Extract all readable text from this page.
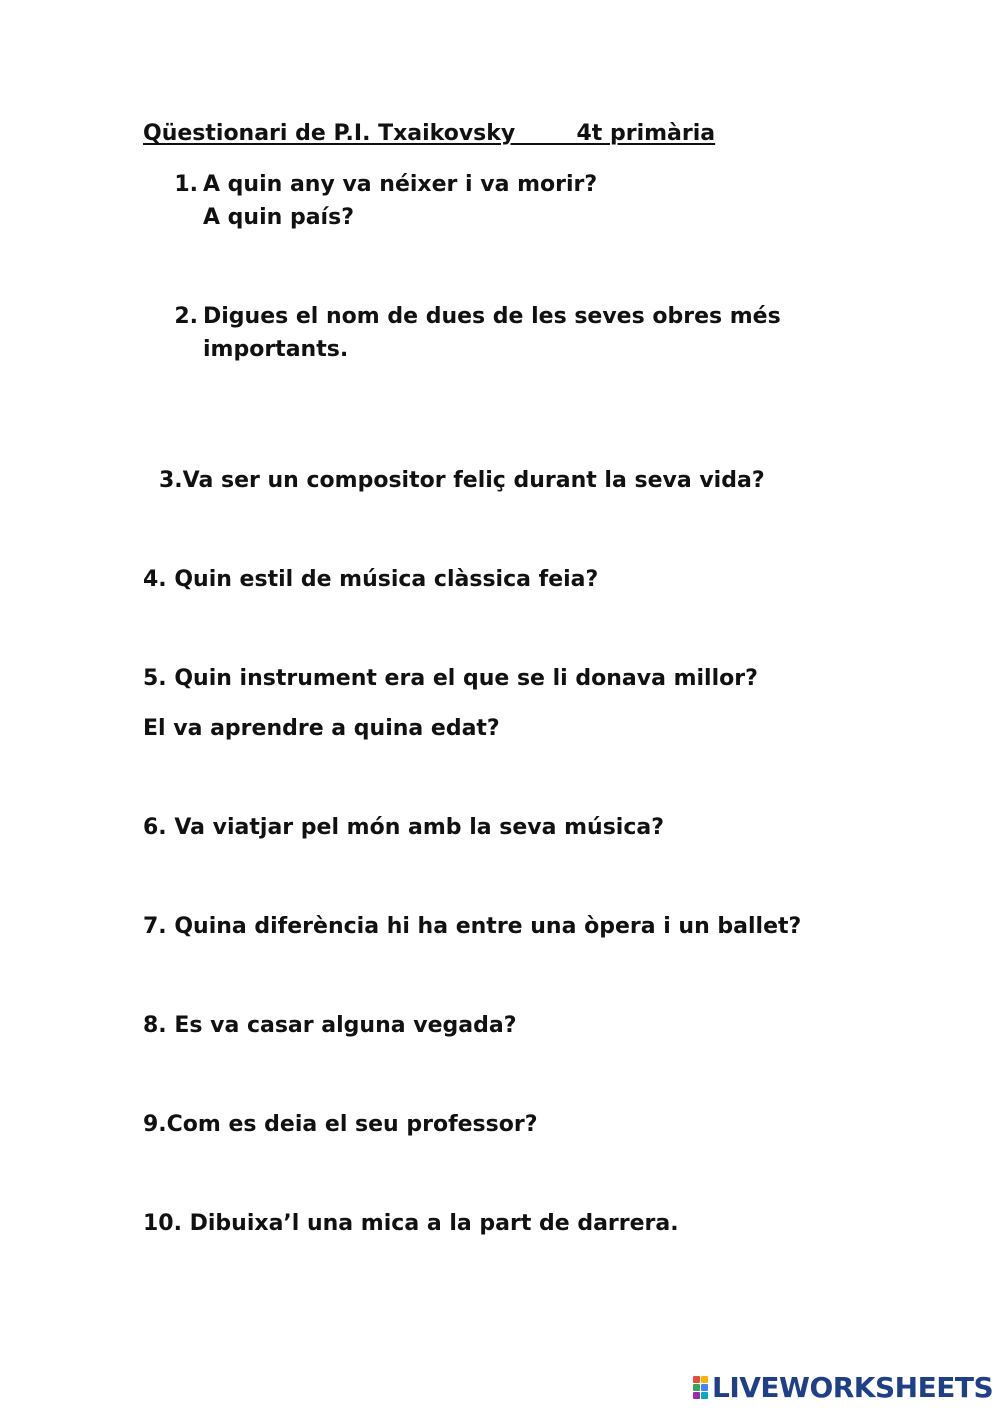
Qüestionari de P.I. Txaikovsky        4t primària
1. A quin any va néixer i va morir?
A quin país?
2. Digues el nom de dues de les seves obres més
importants.
3.Va ser un compositor feliç durant la seva vida?
4. Quin estil de música clàssica feia?
5. Quin instrument era el que se li donava millor?
El va aprendre a quina edat?
6. Va viatjar pel món amb la seva música?
7. Quina diferència hi ha entre una òpera i un ballet?
8. Es va casar alguna vegada?
9.Com es deia el seu professor?
10. Dibuixa’l una mica a la part de darrera.
LIVEWORKSHEETS
